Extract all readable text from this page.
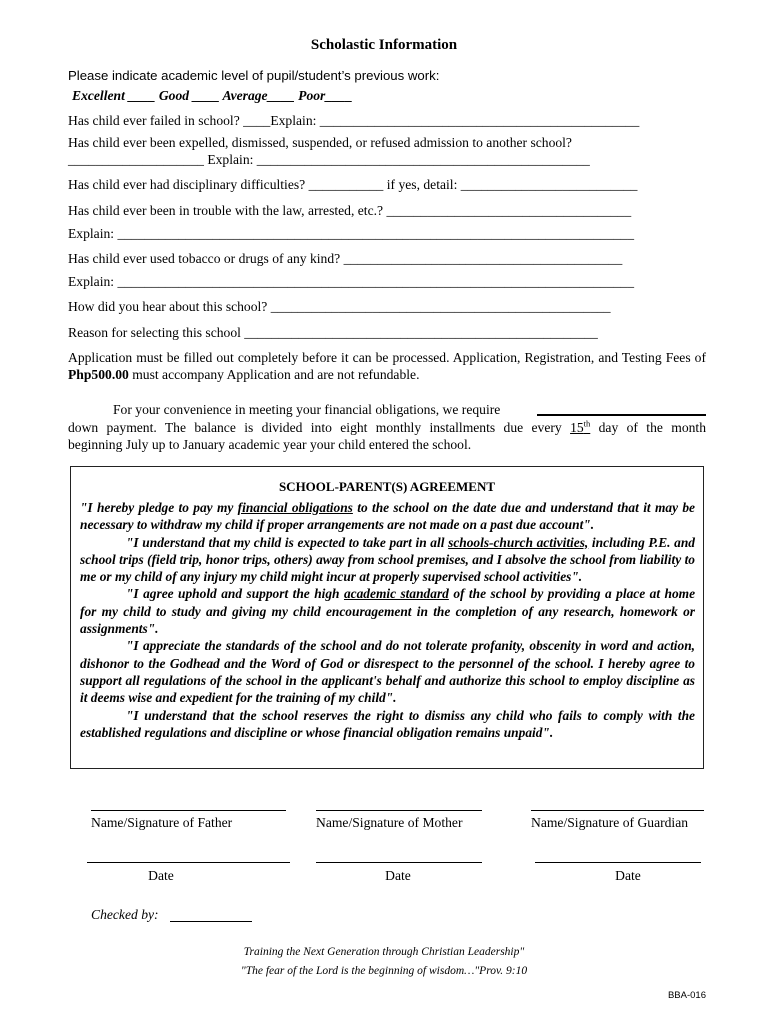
Scholastic Information
Please indicate academic level of pupil/student’s previous work:
Excellent ____ Good ____ Average____ Poor____
Has child ever failed in school? ____Explain: _______________________________________________
Has child ever been expelled, dismissed, suspended, or refused admission to another school?
____________________ Explain: _________________________________________________
Has child ever had disciplinary difficulties? ___________ if yes, detail: __________________________
Has child ever been in trouble with the law, arrested, etc.? ____________________________________
Explain: ____________________________________________________________________________
Has child ever used tobacco or drugs of any kind? _________________________________________
Explain: ____________________________________________________________________________
How did you hear about this school? __________________________________________________
Reason for selecting this school ____________________________________________________
Application must be filled out completely before it can be processed. Application, Registration, and Testing Fees of Php500.00 must accompany Application and are not refundable.
For your convenience in meeting your financial obligations, we require
down payment. The balance is divided into eight monthly installments due every 15th day of the month
beginning July up to January academic year your child entered the school.
SCHOOL-PARENT(S) AGREEMENT

"I hereby pledge to pay my financial obligations to the school on the date due and understand that it may be necessary to withdraw my child if proper arrangements are not made on a past due account".

"I understand that my child is expected to take part in all schools-church activities, including P.E. and school trips (field trip, honor trips, others) away from school premises, and I absolve the school from liability to me or my child of any injury my child might incur at properly supervised school activities".

"I agree uphold and support the high academic standard of the school by providing a place at home for my child to study and giving my child encouragement in the completion of any research, homework or assignments".

"I appreciate the standards of the school and do not tolerate profanity, obscenity in word and action, dishonor to the Godhead and the Word of God or disrespect to the personnel of the school. I hereby agree to support all regulations of the school in the applicant's behalf and authorize this school to employ discipline as it deems wise and expedient for the training of my child".

"I understand that the school reserves the right to dismiss any child who fails to comply with the established regulations and discipline or whose financial obligation remains unpaid".

Name/Signature of Father	Name/Signature of Mother	Name/Signature of Guardian
Date	Date	Date
Checked by:
Training the Next Generation through Christian Leadership"
"The fear of the Lord is the beginning of wisdom…"Prov. 9:10
BBA-016
